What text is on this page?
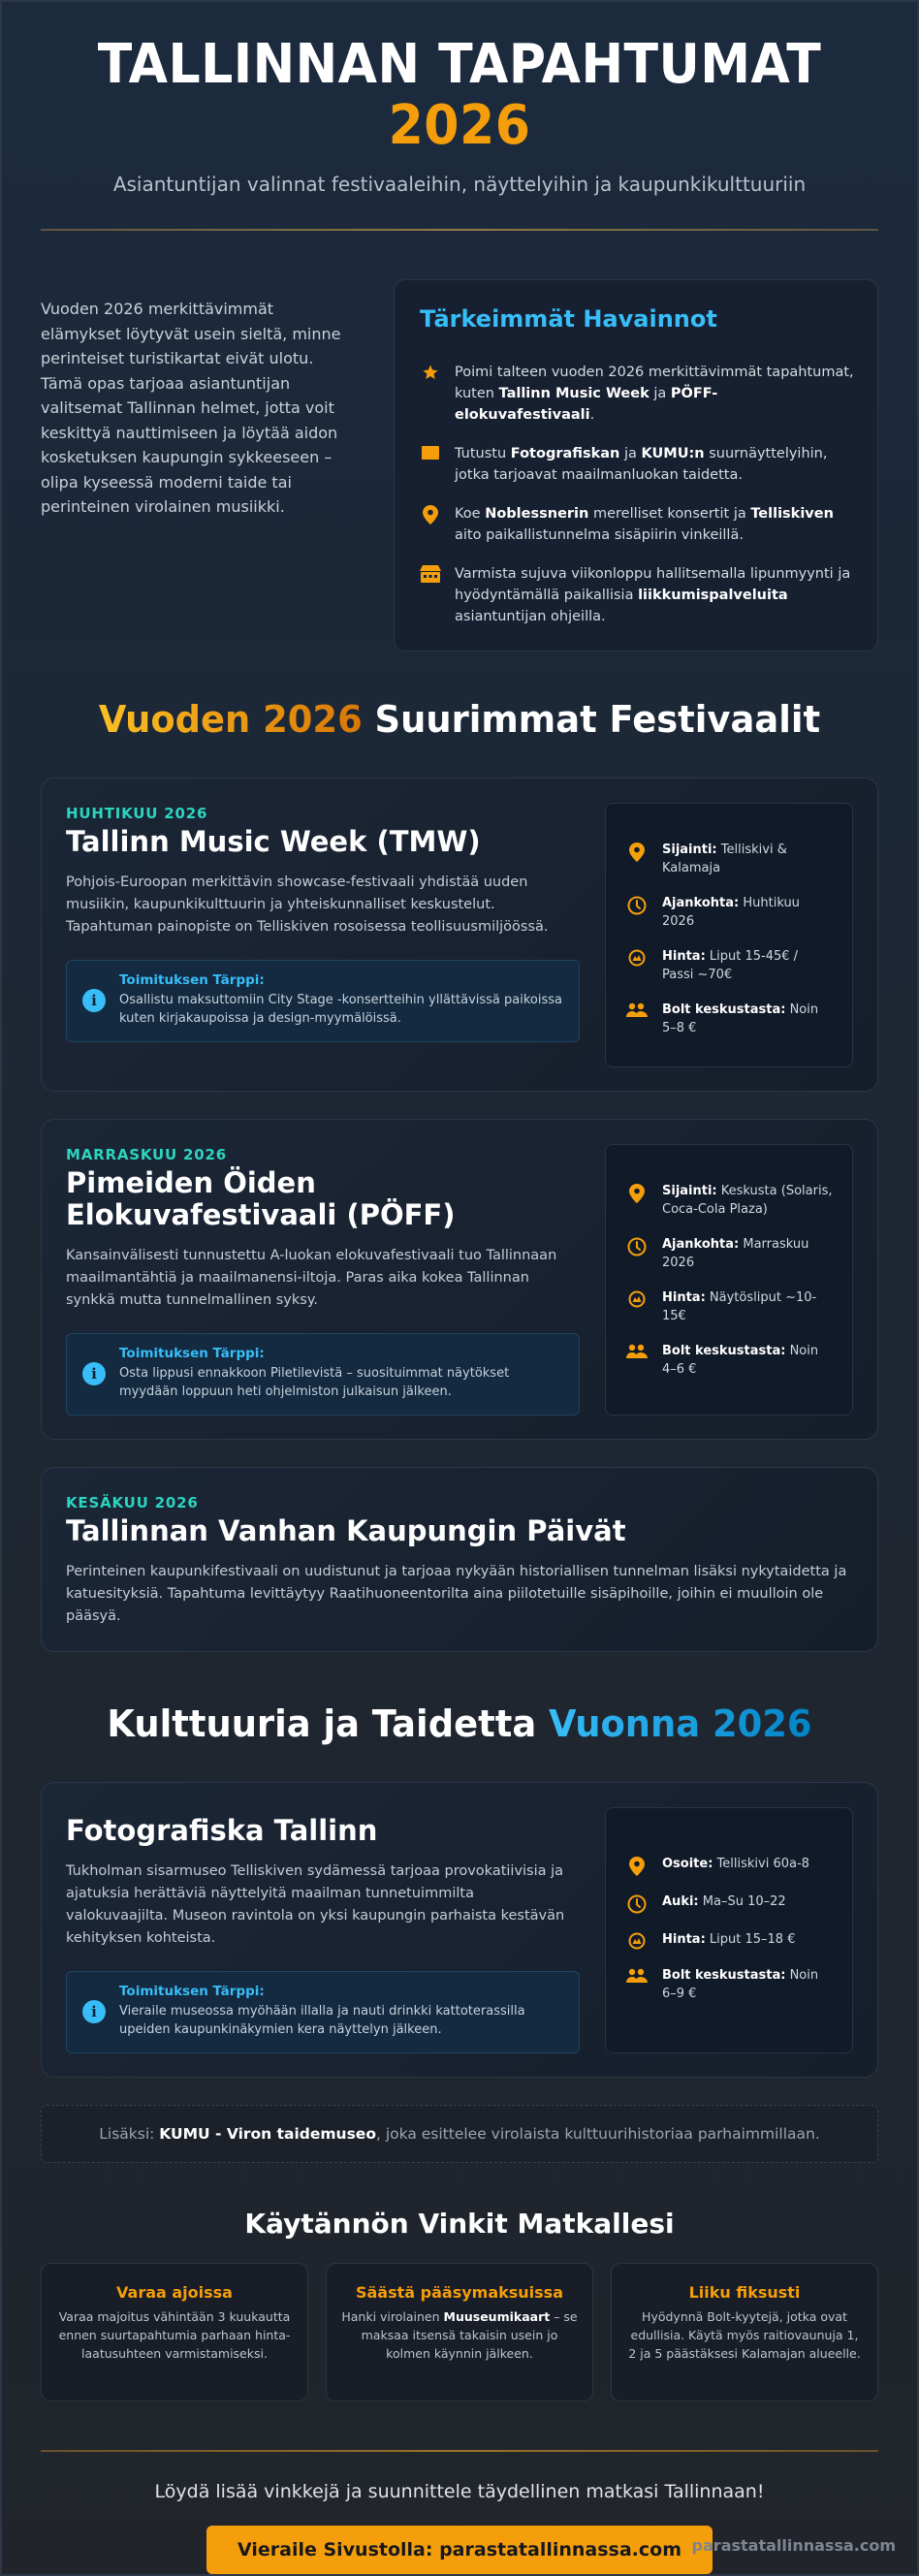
TALLINNAN TAPAHTUMAT
2026

Asiantuntijan valinnat festivaaleihin, näyttelyihin ja kaupunkikulttuuriin

Vuoden 2026 merkittävimmät elämykset löytyvät usein sieltä, minne perinteiset turistikartat eivät ulotu. Tämä opas tarjoaa asiantuntijan valitsemat Tallinnan helmet, jotta voit keskittyä nauttimiseen ja löytää aidon kosketuksen kaupungin sykkeeseen – olipa kyseessä moderni taide tai perinteinen virolainen musiikki.

Tärkeimmät Havainnot
Poimi talteen vuoden 2026 merkittävimmät tapahtumat, kuten Tallinn Music Week ja PÖFF-elokuvafestivaali.
Tutustu Fotografiskan ja KUMU:n suurnäyttelyihin, jotka tarjoavat maailmanluokan taidetta.
Koe Noblessnerin merelliset konsertit ja Telliskiven aito paikallistunnelma sisäpiirin vinkeillä.
Varmista sujuva viikonloppu hallitsemalla lipunmyynti ja hyödyntämällä paikallisia liikkumispalveluita asiantuntijan ohjeilla.
Vuoden 2026 Suurimmat Festivaalit
HUHTIKUU 2026
Tallinn Music Week (TMW)

Pohjois-Euroopan merkittävin showcase-festivaali yhdistää uuden musiikin, kaupunkikulttuurin ja yhteiskunnalliset keskustelut. Tapahtuman painopiste on Telliskiven rosoisessa teollisuusmiljöössä.

i
Toimituksen Tärppi:
Osallistu maksuttomiin City Stage -konsertteihin yllättävissä paikoissa kuten kirjakaupoissa ja design-myymälöissä.
Sijainti: Telliskivi & Kalamaja
Ajankohta: Huhtikuu 2026
Hinta: Liput 15-45€ / Passi ~70€
Bolt keskustasta: Noin 5–8 €
MARRASKUU 2026
Pimeiden Öiden Elokuvafestivaali (PÖFF)

Kansainvälisesti tunnustettu A-luokan elokuvafestivaali tuo Tallinnaan maailmantähtiä ja maailmanensi-iltoja. Paras aika kokea Tallinnan synkkä mutta tunnelmallinen syksy.

i
Toimituksen Tärppi:
Osta lippusi ennakkoon Piletilevistä – suosituimmat näytökset myydään loppuun heti ohjelmiston julkaisun jälkeen.
Sijainti: Keskusta (Solaris, Coca-Cola Plaza)
Ajankohta: Marraskuu 2026
Hinta: Näytösliput ~10-15€
Bolt keskustasta: Noin 4–6 €
KESÄKUU 2026
Tallinnan Vanhan Kaupungin Päivät

Perinteinen kaupunkifestivaali on uudistunut ja tarjoaa nykyään historiallisen tunnelman lisäksi nykytaidetta ja katuesityksiä. Tapahtuma levittäytyy Raatihuoneentorilta aina piilotetuille sisäpihoille, joihin ei muulloin ole pääsyä.

Kulttuuria ja Taidetta Vuonna 2026
Fotografiska Tallinn

Tukholman sisarmuseo Telliskiven sydämessä tarjoaa provokatiivisia ja ajatuksia herättäviä näyttelyitä maailman tunnetuimmilta valokuvaajilta. Museon ravintola on yksi kaupungin parhaista kestävän kehityksen kohteista.

i
Toimituksen Tärppi:
Vieraile museossa myöhään illalla ja nauti drinkki kattoterassilla upeiden kaupunkinäkymien kera näyttelyn jälkeen.
Osoite: Telliskivi 60a-8
Auki: Ma–Su 10–22
Hinta: Liput 15–18 €
Bolt keskustasta: Noin 6–9 €
Lisäksi: KUMU - Viron taidemuseo, joka esittelee virolaista kulttuurihistoriaa parhaimmillaan.
Käytännön Vinkit Matkallesi
Varaa ajoissa

Varaa majoitus vähintään 3 kuukautta ennen suurtapahtumia parhaan hinta-laatusuhteen varmistamiseksi.

Säästä pääsymaksuissa

Hanki virolainen Muuseumikaart – se maksaa itsensä takaisin usein jo kolmen käynnin jälkeen.

Liiku fiksusti

Hyödynnä Bolt-kyytejä, jotka ovat edullisia. Käytä myös raitiovaunuja 1, 2 ja 5 päästäksesi Kalamajan alueelle.

Löydä lisää vinkkejä ja suunnittele täydellinen matkasi Tallinnaan!

Vieraile Sivustolla: parastatallinnassa.com parastatallinnassa.com
